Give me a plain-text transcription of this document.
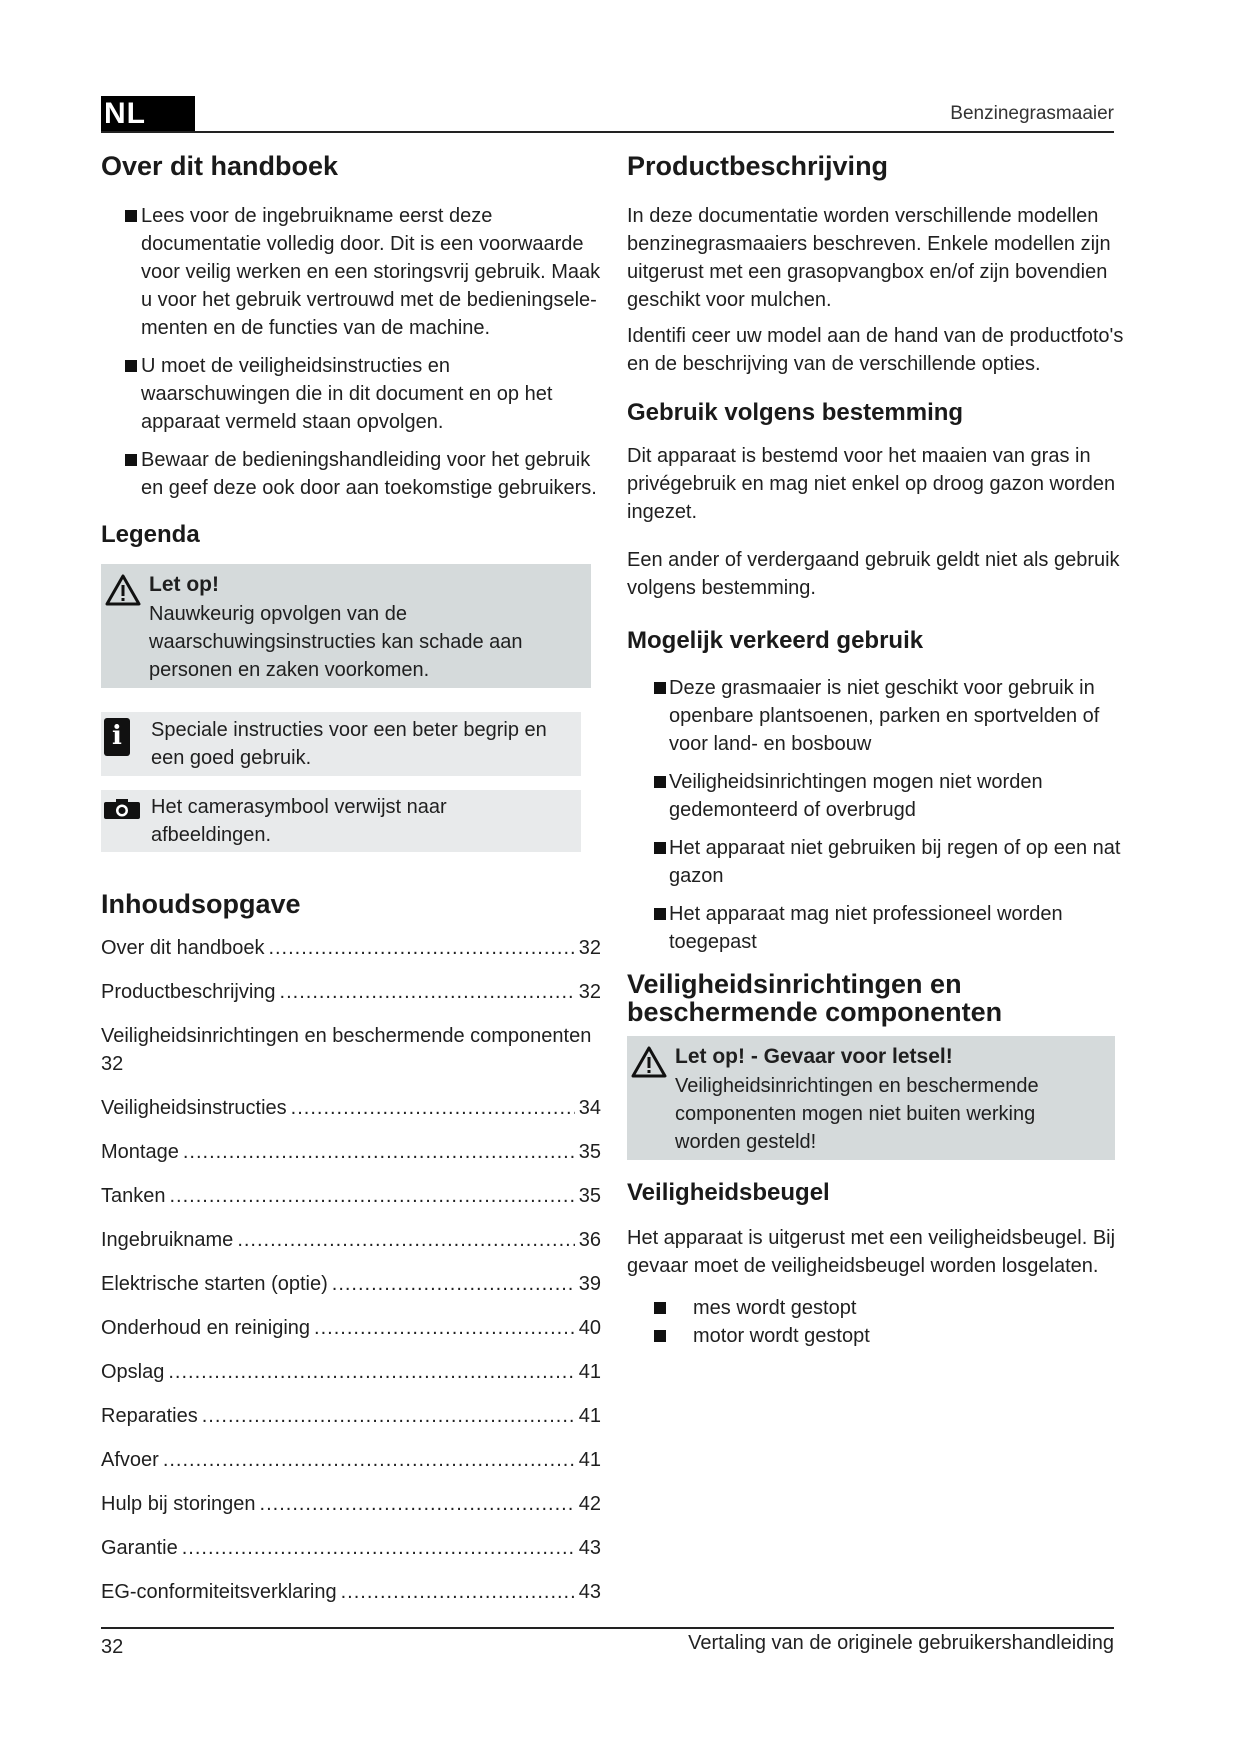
NL	Benzinegrasmaaier
Over dit handboek
Lees voor de ingebruikname eerst deze documentatie volledig door. Dit is een voorwaarde voor veilig werken en een storingsvrij gebruik. Maak u voor het gebruik vertrouwd met de bedieningsele-menten en de functies van de machine.
U moet de veiligheidsinstructies en waarschuwingen die in dit document en op het apparaat vermeld staan opvolgen.
Bewaar de bedieningshandleiding voor het gebruik en geef deze ook door aan toekomstige gebruikers.
Legenda
Let op!

Nauwkeurig opvolgen van de waarschuwingsinstructies kan schade aan personen en zaken voorkomen.

i	Speciale instructies voor een beter begrip en een goed gebruik.

Het camerasymbool verwijst naar afbeeldingen.

Inhoudsopgave
Over dit handboek .....	32
Productbeschrijving .....	32
Veiligheidsinrichtingen en beschermende componenten
32
Veiligheidsinstructies .....	34
Montage .....	35
Tanken .....	35
Ingebruikname .....	36
Elektrische starten (optie) .....	39
Onderhoud en reiniging .....	40
Opslag .....	41
Reparaties .....	41
Afvoer .....	41
Hulp bij storingen .....	42
Garantie .....	43
EG-conformiteitsverklaring .....	43
Productbeschrijving

In deze documentatie worden verschillende modellen benzinegrasmaaiers beschreven. Enkele modellen zijn uitgerust met een grasopvangbox en/of zijn bovendien geschikt voor mulchen.

Identifi ceer uw model aan de hand van de productfoto's en de beschrijving van de verschillende opties.

Gebruik volgens bestemming

Dit apparaat is bestemd voor het maaien van gras in privégebruik en mag niet enkel op droog gazon worden ingezet.

Een ander of verdergaand gebruik geldt niet als gebruik volgens bestemming.

Mogelijk verkeerd gebruik
Deze grasmaaier is niet geschikt voor gebruik in openbare plantsoenen, parken en sportvelden of voor land- en bosbouw
Veiligheidsinrichtingen mogen niet worden gedemonteerd of overbrugd
Het apparaat niet gebruiken bij regen of op een nat gazon
Het apparaat mag niet professioneel worden toegepast
Veiligheidsinrichtingen en beschermende componenten
Let op! - Gevaar voor letsel!

Veiligheidsinrichtingen en beschermende componenten mogen niet buiten werking worden gesteld!

Veiligheidsbeugel

Het apparaat is uitgerust met een veiligheidsbeugel. Bij gevaar moet de veiligheidsbeugel worden losgelaten.

mes wordt gestopt
motor wordt gestopt
32	Vertaling van de originele gebruikershandleiding
